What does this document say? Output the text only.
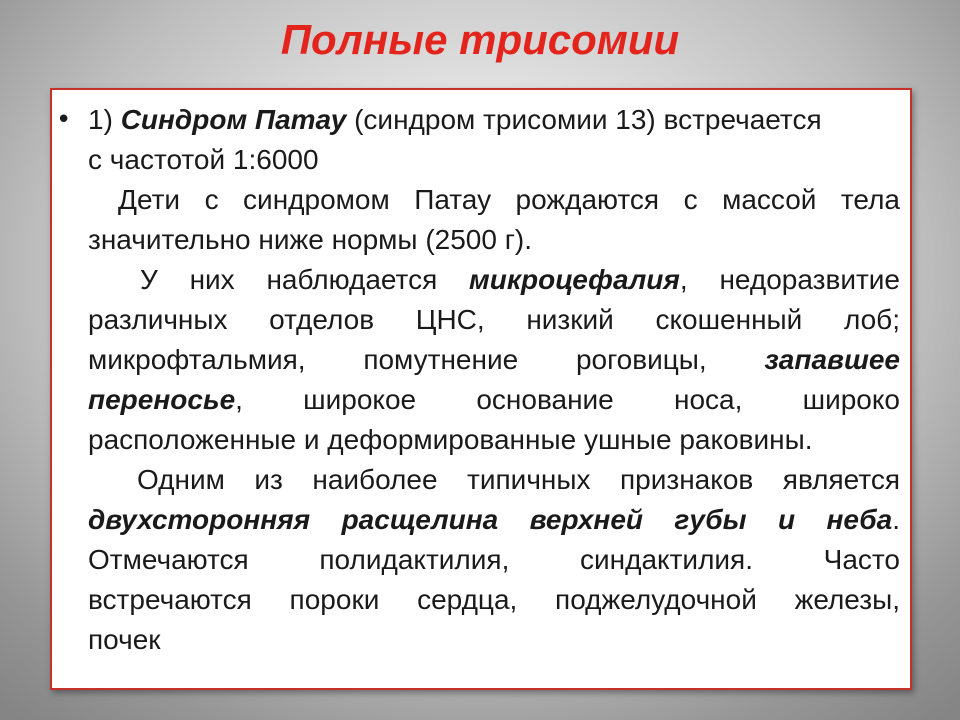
Полные трисомии
• 1) Синдром Патау (синдром трисомии 13) встречается
с частотой 1:6000
Дети с синдромом Патау рождаются с массой тела
значительно ниже нормы (2500 г).
У них наблюдается микроцефалия, недоразвитие
различных отделов ЦНС, низкий скошенный лоб;
микрофтальмия, помутнение роговицы, запавшее
переносье, широкое основание носа, широко
расположенные и деформированные ушные раковины.
Одним из наиболее типичных признаков является
двухсторонняя расщелина верхней губы и неба.
Отмечаются полидактилия, синдактилия. Часто
встречаются пороки сердца, поджелудочной железы,
почек
